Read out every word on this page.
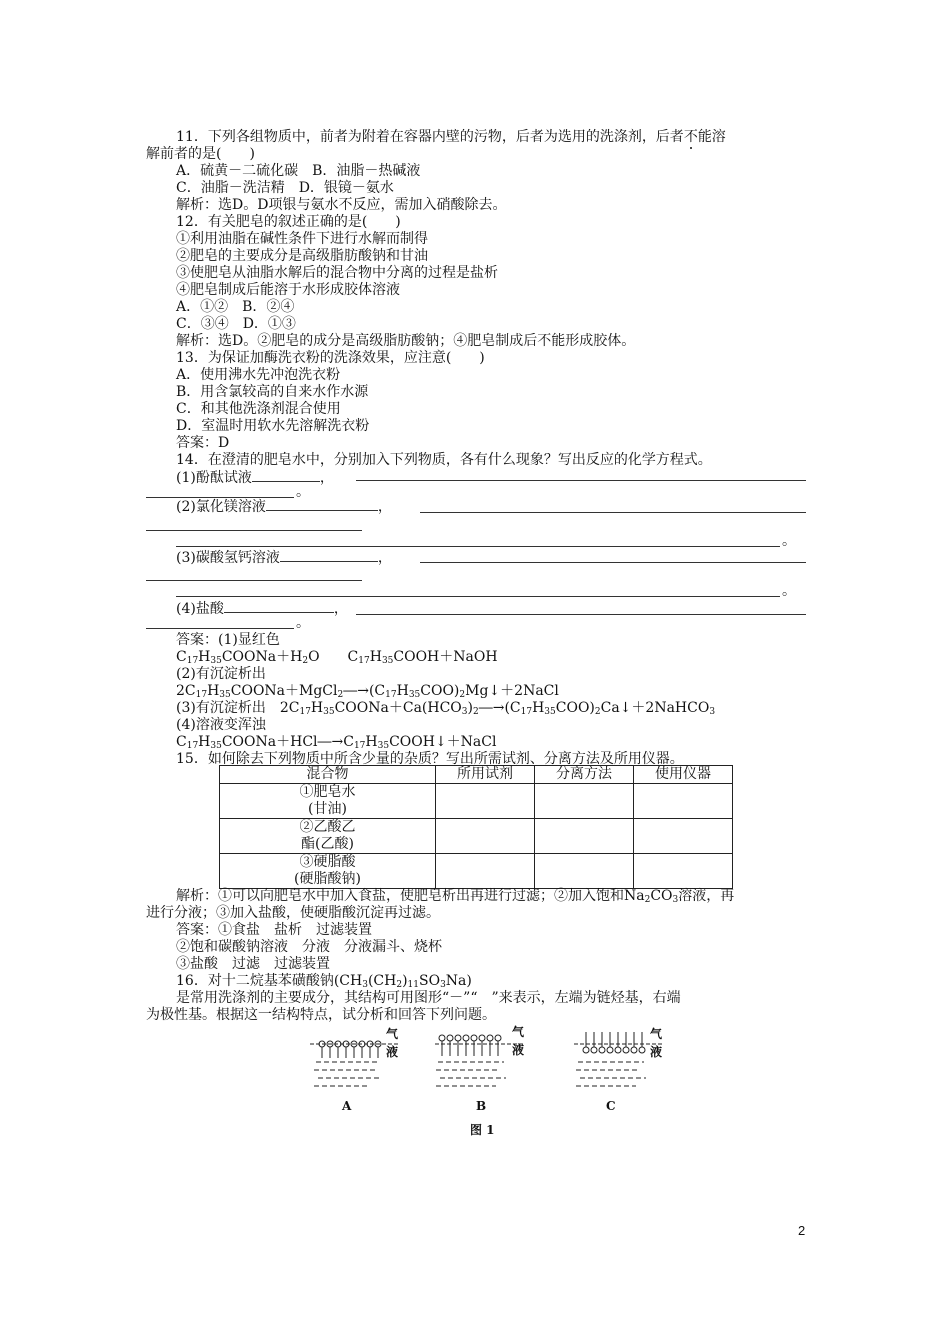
11．下列各组物质中，前者为附着在容器内壁的污物，后者为选用的洗涤剂，后者不能溶
解前者的是(　　)
A．硫黄－二硫化碳　B．油脂－热碱液
C．油脂－洗洁精　D．银镜－氨水
解析：选D。D项银与氨水不反应，需加入硝酸除去。
12．有关肥皂的叙述正确的是(　　)
①利用油脂在碱性条件下进行水解而制得
②肥皂的主要成分是高级脂肪酸钠和甘油
③使肥皂从油脂水解后的混合物中分离的过程是盐析
④肥皂制成后能溶于水形成胶体溶液
A．①②　B．②④
C．③④　D．①③
解析：选D。②肥皂的成分是高级脂肪酸钠；④肥皂制成后不能形成胶体。
13．为保证加酶洗衣粉的洗涤效果，应注意(　　)
A．使用沸水先冲泡洗衣粉
B．用含氯较高的自来水作水源
C．和其他洗涤剂混合使用
D．室温时用软水先溶解洗衣粉
答案：D
14．在澄清的肥皂水中，分别加入下列物质，各有什么现象？写出反应的化学方程式。
(1)酚酞试液	，
。
(2)氯化镁溶液	，
。
(3)碳酸氢钙溶液	，
。
(4)盐酸	，
。
答案：(1)显红色
$C_{17}H_{35}COONa+H_2O$　　$C_{17}H_{35}COOH+NaOH$
(2)有沉淀析出
$2C_{17}H_{35}COONa+MgCl_2―\to(C_{17}H_{35}COO)_2Mg↓+2NaCl$
(3)有沉淀析出　$2C_{17}H_{35}COONa+Ca(HCO_3)_2―\to(C_{17}H_{35}COO)_2Ca↓+2NaHCO_3$
(4)溶液变浑浊
$C_{17}H_{35}COONa+HCl―\to C_{17}H_{35}COOH↓+NaCl$
15．如何除去下列物质中所含少量的杂质？写出所需试剂、分离方法及所用仪器。
混合物	所用试剂	分离方法	使用仪器

①肥皂水
(甘油)			

②乙酸乙
酯(乙酸)			

③硬脂酸
(硬脂酸钠)			

解析：①可以向肥皂水中加入食盐，使肥皂析出再进行过滤；②加入饱和$Na_2CO_3$溶液，再
进行分液；③加入盐酸，使硬脂酸沉淀再过滤。
答案：①食盐　盐析　过滤装置
②饱和碳酸钠溶液　分液　分液漏斗、烧杯
③盐酸　过滤　过滤装置
16．对十二烷基苯磺酸钠$(CH_3(CH_2)_{11}SO_3Na)$
是常用洗涤剂的主要成分，其结构可用图形“－”“　”来表示，左端为链烃基，右端
为极性基。根据这一结构特点，试分析和回答下列问题。
气
液
气
液
气
液
A	B	C
图 1
2
